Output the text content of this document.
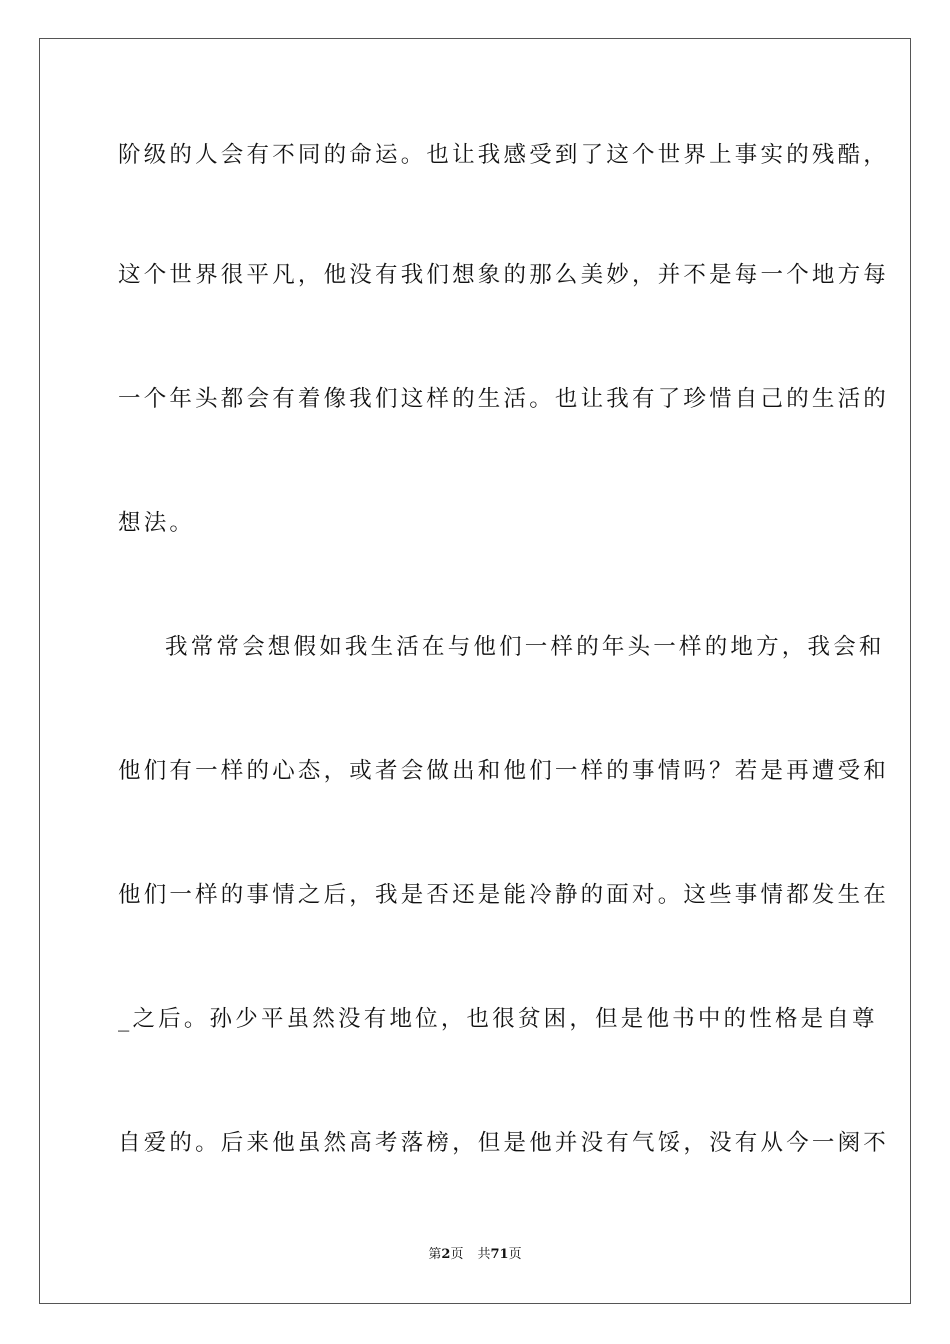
阶级的人会有不同的命运。也让我感受到了这个世界上事实的残酷，
这个世界很平凡，他没有我们想象的那么美妙，并不是每一个地方每
一个年头都会有着像我们这样的生活。也让我有了珍惜自己的生活的
想法。
我常常会想假如我生活在与他们一样的年头一样的地方，我会和
他们有一样的心态，或者会做出和他们一样的事情吗？若是再遭受和
他们一样的事情之后，我是否还是能冷静的面对。这些事情都发生在
_之后。孙少平虽然没有地位，也很贫困，但是他书中的性格是自尊
自爱的。后来他虽然高考落榜，但是他并没有气馁，没有从今一阕不
第2页 共71页
